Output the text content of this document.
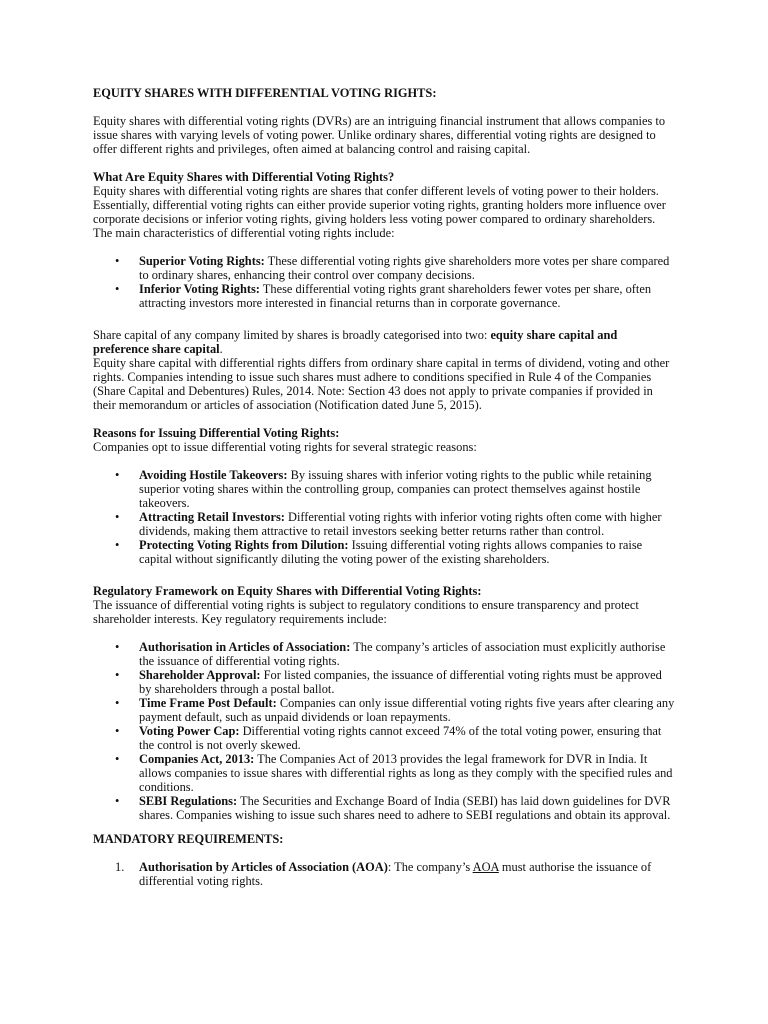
EQUITY SHARES WITH DIFFERENTIAL VOTING RIGHTS:

Equity shares with differential voting rights (DVRs) are an intriguing financial instrument that allows companies to issue shares with varying levels of voting power. Unlike ordinary shares, differential voting rights are designed to offer different rights and privileges, often aimed at balancing control and raising capital.

What Are Equity Shares with Differential Voting Rights?

Equity shares with differential voting rights are shares that confer different levels of voting power to their holders. Essentially, differential voting rights can either provide superior voting rights, granting holders more influence over corporate decisions or inferior voting rights, giving holders less voting power compared to ordinary shareholders. The main characteristics of differential voting rights include:

• Superior Voting Rights: These differential voting rights give shareholders more votes per share compared to ordinary shares, enhancing their control over company decisions.
• Inferior Voting Rights: These differential voting rights grant shareholders fewer votes per share, often attracting investors more interested in financial returns than in corporate governance.

Share capital of any company limited by shares is broadly categorised into two: equity share capital and preference share capital.

Equity share capital with differential rights differs from ordinary share capital in terms of dividend, voting and other rights. Companies intending to issue such shares must adhere to conditions specified in Rule 4 of the Companies (Share Capital and Debentures) Rules, 2014. Note: Section 43 does not apply to private companies if provided in their memorandum or articles of association (Notification dated June 5, 2015).

Reasons for Issuing Differential Voting Rights:

Companies opt to issue differential voting rights for several strategic reasons:

• Avoiding Hostile Takeovers: By issuing shares with inferior voting rights to the public while retaining superior voting shares within the controlling group, companies can protect themselves against hostile takeovers.
• Attracting Retail Investors: Differential voting rights with inferior voting rights often come with higher dividends, making them attractive to retail investors seeking better returns rather than control.
• Protecting Voting Rights from Dilution: Issuing differential voting rights allows companies to raise capital without significantly diluting the voting power of the existing shareholders.
Regulatory Framework on Equity Shares with Differential Voting Rights:

The issuance of differential voting rights is subject to regulatory conditions to ensure transparency and protect shareholder interests. Key regulatory requirements include:

• Authorisation in Articles of Association: The company’s articles of association must explicitly authorise the issuance of differential voting rights.
• Shareholder Approval: For listed companies, the issuance of differential voting rights must be approved by shareholders through a postal ballot.
• Time Frame Post Default: Companies can only issue differential voting rights five years after clearing any payment default, such as unpaid dividends or loan repayments.
• Voting Power Cap: Differential voting rights cannot exceed 74% of the total voting power, ensuring that the control is not overly skewed.
• Companies Act, 2013: The Companies Act of 2013 provides the legal framework for DVR in India. It allows companies to issue shares with differential rights as long as they comply with the specified rules and conditions.
• SEBI Regulations: The Securities and Exchange Board of India (SEBI) has laid down guidelines for DVR shares. Companies wishing to issue such shares need to adhere to SEBI regulations and obtain its approval.
MANDATORY REQUIREMENTS:
1. Authorisation by Articles of Association (AOA): The company’s AOA must authorise the issuance of differential voting rights.
